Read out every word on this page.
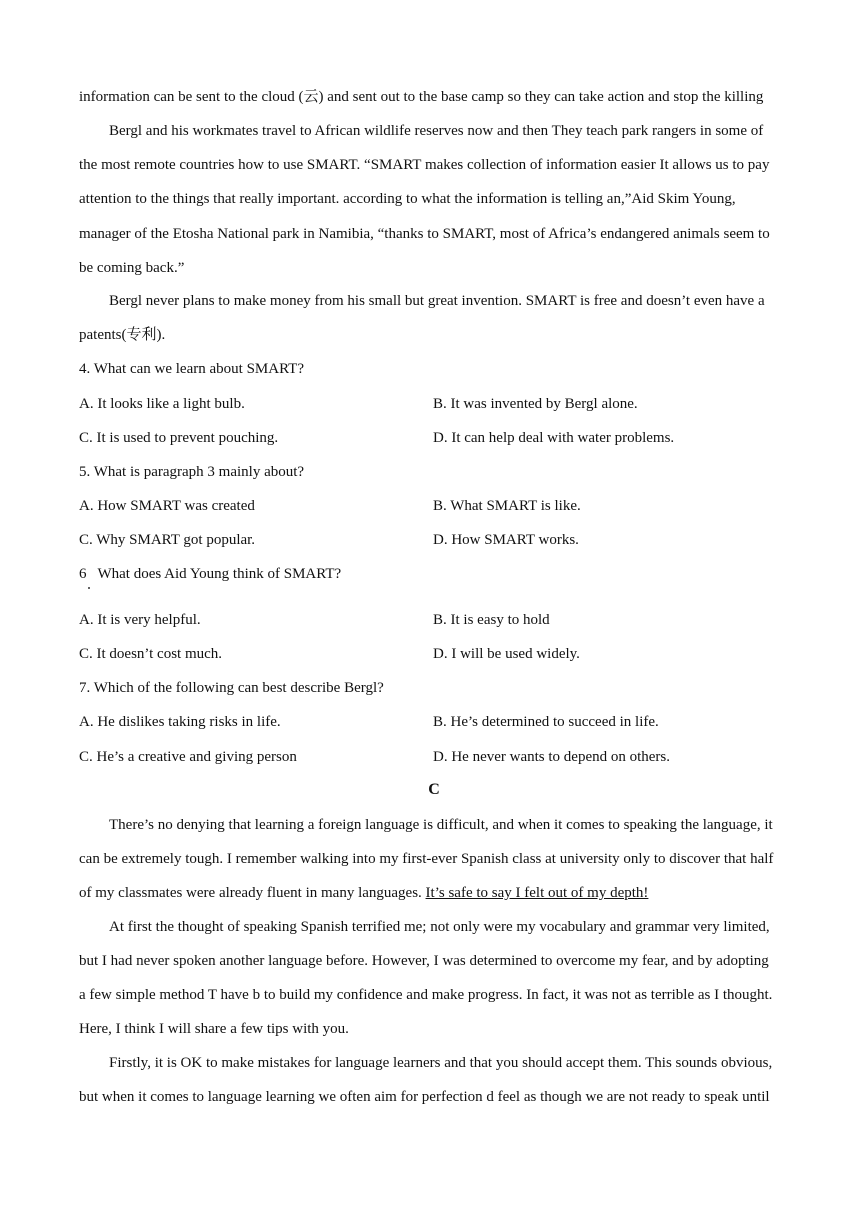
information can be sent to the cloud (云) and sent out to the base camp so they can take action and stop the killing
Bergl and his workmates travel to African wildlife reserves now and then They teach park rangers in some of
the most remote countries how to use SMART. “SMART makes collection of information easier It allows us to pay
attention to the things that really important. according to what the information is telling an,”Aid Skim Young,
manager of the Etosha National park in Namibia, “thanks to SMART, most of Africa’s endangered animals seem to
be coming back.”
Bergl never plans to make money from his small but great invention. SMART is free and doesn’t even have a
patents(专利).
4. What can we learn about SMART?
A. It looks like a light bulb.	B. It was invented by Bergl alone.
C. It is used to prevent pouching.	D. It can help deal with water problems.
5. What is paragraph 3 mainly about?
A. How SMART was created	B. What SMART is like.
C. Why SMART got popular.	D. How SMART works.
6   What does Aid Young think of SMART?
A. It is very helpful.	B. It is easy to hold
C. It doesn’t cost much.	D. I will be used widely.
7. Which of the following can best describe Bergl?
A. He dislikes taking risks in life.	B. He’s determined to succeed in life.
C. He’s a creative and giving person	D. He never wants to depend on others.
C
There’s no denying that learning a foreign language is difficult, and when it comes to speaking the language, it
can be extremely tough. I remember walking into my first-ever Spanish class at university only to discover that half
of my classmates were already fluent in many languages. It’s safe to say I felt out of my depth!
At first the thought of speaking Spanish terrified me; not only were my vocabulary and grammar very limited,
but I had never spoken another language before. However, I was determined to overcome my fear, and by adopting
a few simple method T have b to build my confidence and make progress. In fact, it was not as terrible as I thought.
Here, I think I will share a few tips with you.
Firstly, it is OK to make mistakes for language learners and that you should accept them. This sounds obvious,
but when it comes to language learning we often aim for perfection d feel as though we are not ready to speak until
